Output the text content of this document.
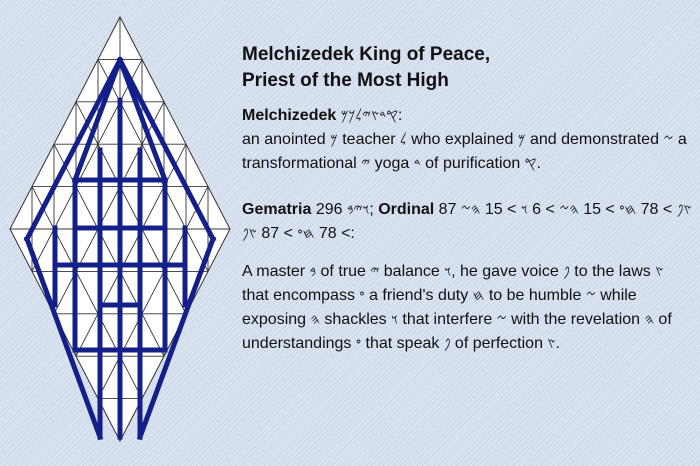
Melchizedek King of Peace,
Priest of the Most High

Melchizedek 𐤒𐤃𐤑𐤉𐤋𐤊𐤌:
an anointed 𐤌 teacher 𐤋 who explained 𐤌 and demonstrated 𐤆 a transformational 𐤉 yoga 𐤃 of purification 𐤒.

Gematria 296 𐤅𐤉𐤁; Ordinal 87	𐤑𐤐 > 78 𐤇𐤏 > 15 𐤄𐤆 > 6 𐤅 > 15 𐤄𐤆 > 78 𐤇𐤏 > 87 𐤑𐤐	:

A master 𐤁 of true 𐤉 balance 𐤅, he gave voice 𐤐 to the laws 𐤑 that encompass 𐤏 a friend's duty 𐤇 to be humble 𐤆 while exposing 𐤄 shackles 𐤅 that interfere 𐤆 with the revelation 𐤄 of understandings 𐤏 that speak 𐤐 of perfection 𐤑.
